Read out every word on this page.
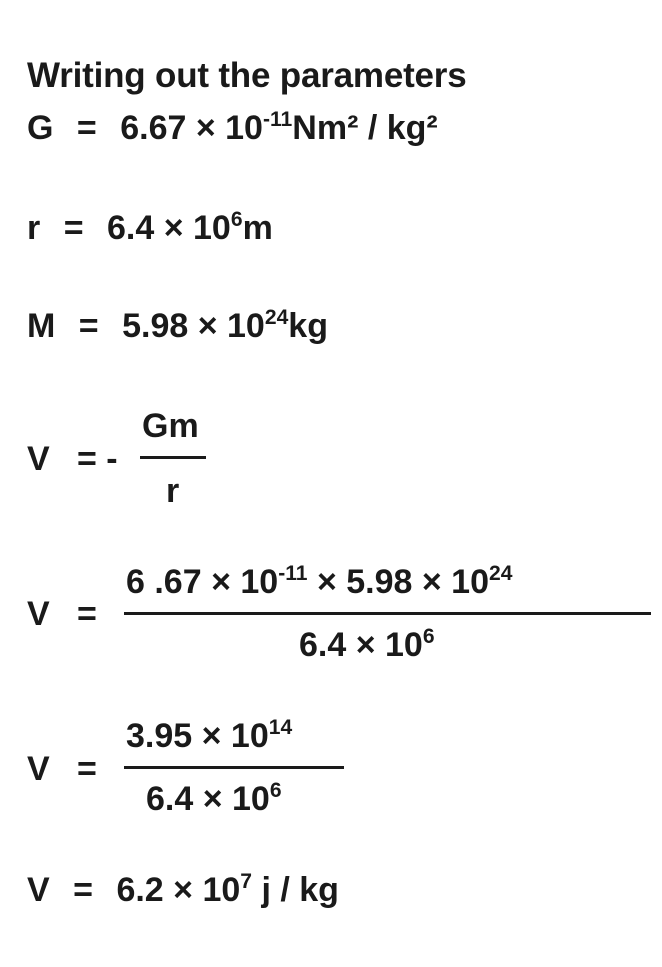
Writing out the parameters
$G = 6.67 \times 10^{-11}Nm^2 / kg^2$
$r = 6.4 \times 10^6m$
$M = 5.98 \times 10^{24}kg$
V = -
Gm
r
V =
6 $.67 \times 10^{-11} \times 5.98 \times 10^{24}$
$6.4 \times 10^6$
V =
$3.95 \times 10^{14}$
$6.4 \times 10^6$
$V = 6.2 \times 10^7$ j / kg
